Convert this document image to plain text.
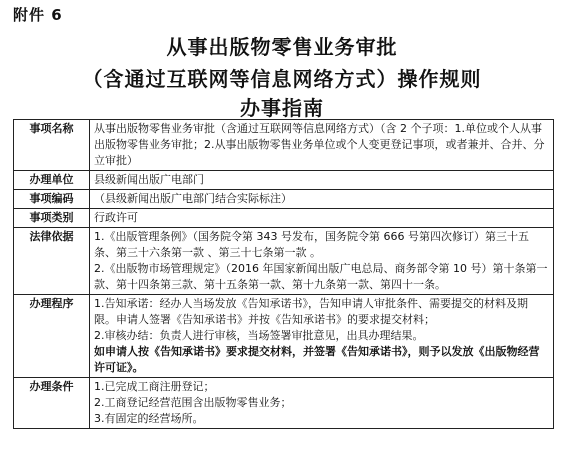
附件 6
从事出版物零售业务审批
（含通过互联网等信息网络方式）操作规则
办事指南
事项名称	从事出版物零售业务审批（含通过互联网等信息网络方式）（含 2 个子项：1.单位或个人从事出版物零售业务审批；2.从事出版物零售业务单位或个人变更登记事项，或者兼并、合并、分立审批）
办理单位	县级新闻出版广电部门
事项编码	（县级新闻出版广电部门结合实际标注）
事项类别	行政许可
法律依据	1.《出版管理条例》（国务院令第 343 号发布，国务院令第 666 号第四次修订）第三十五条、第三十六条第一款 、第三十七条第一款 。
2.《出版物市场管理规定》（2016 年国家新闻出版广电总局、商务部令第 10 号）第十条第一款、第十四条第三款、第十五条第一款、第十九条第一款、第四十一条。

办理程序	1.告知承诺：经办人当场发放《告知承诺书》，告知申请人审批条件、需要提交的材料及期限。申请人签署《告知承诺书》并按《告知承诺书》的要求提交材料；
2.审核办结：负责人进行审核，当场签署审批意见，出具办理结果。
如申请人按《告知承诺书》要求提交材料，并签署《告知承诺书》，则予以发放《出版物经营许可证》。

办理条件	1.已完成工商注册登记；
2.工商登记经营范围含出版物零售业务；
3.有固定的经营场所。
